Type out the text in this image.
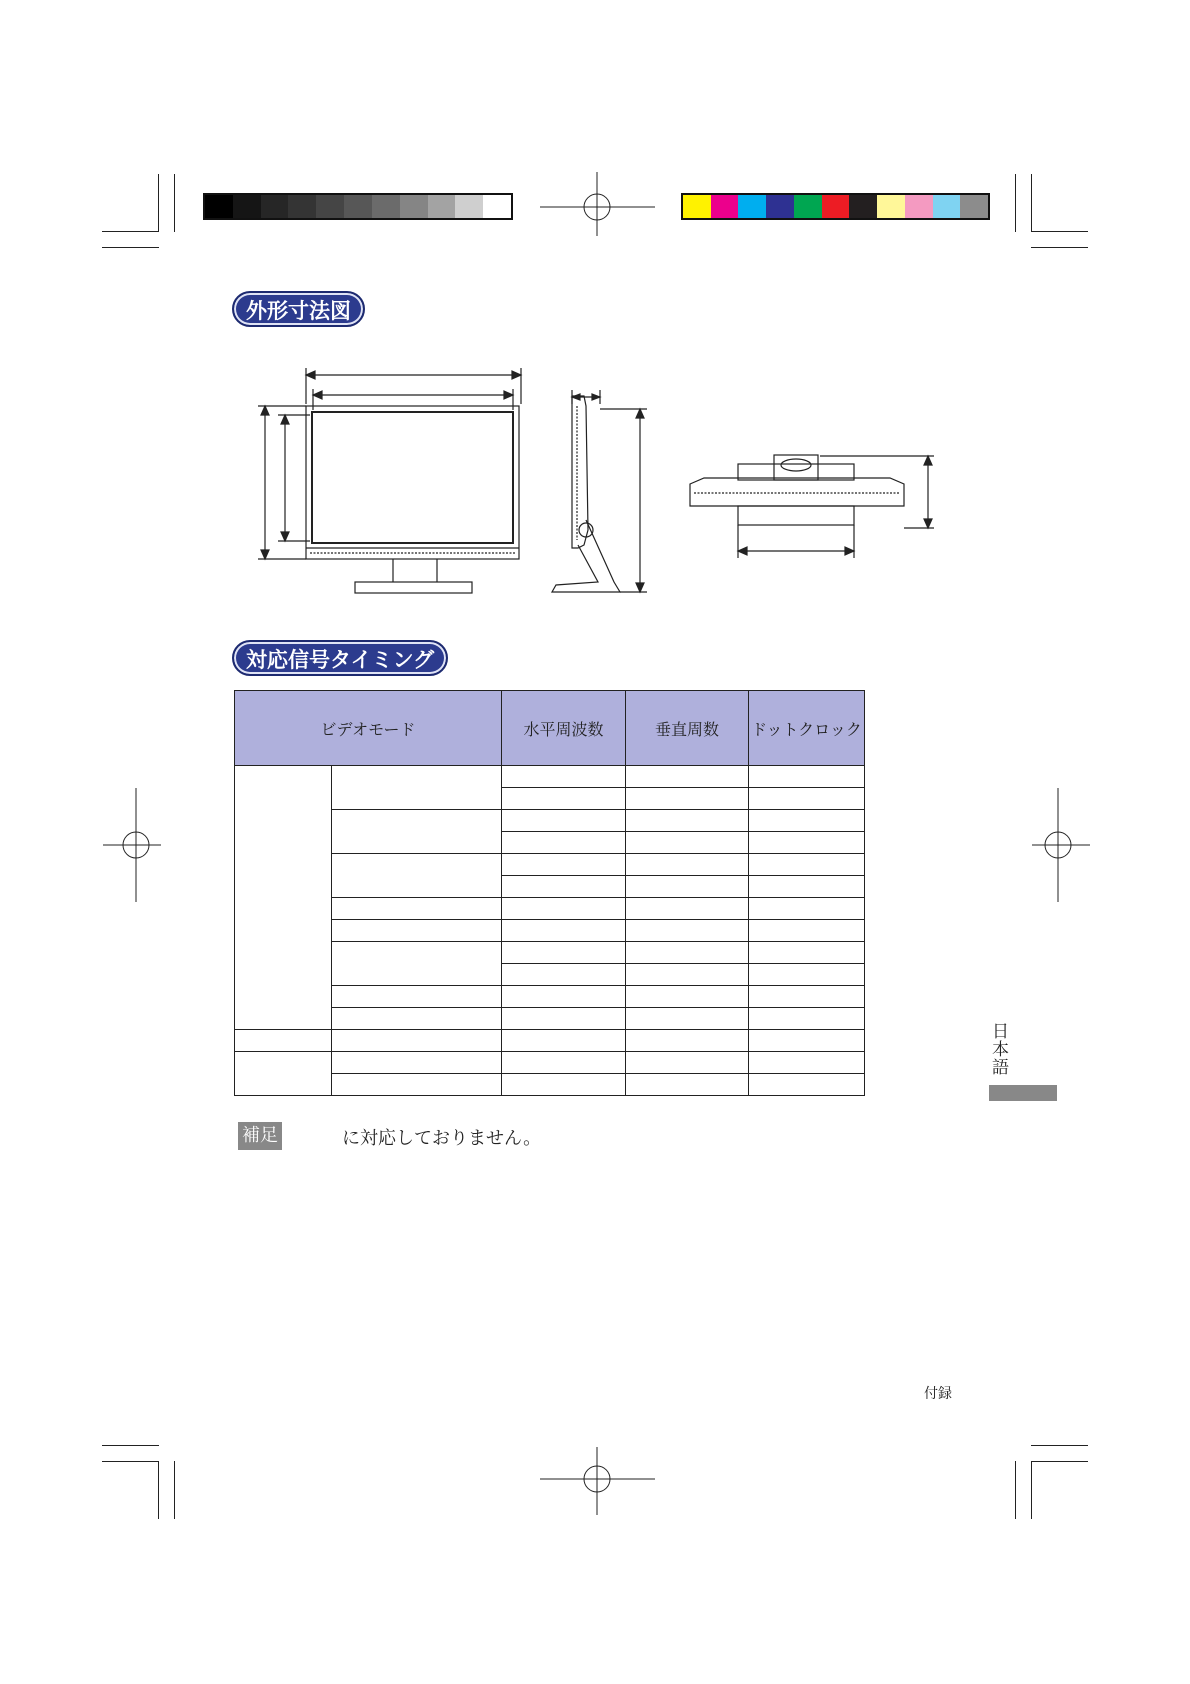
外形寸法図
対応信号タイミング
ビデオモード		水平周波数	垂直周数	ドットクロック

補足	に対応しておりません。
日本語
付録
